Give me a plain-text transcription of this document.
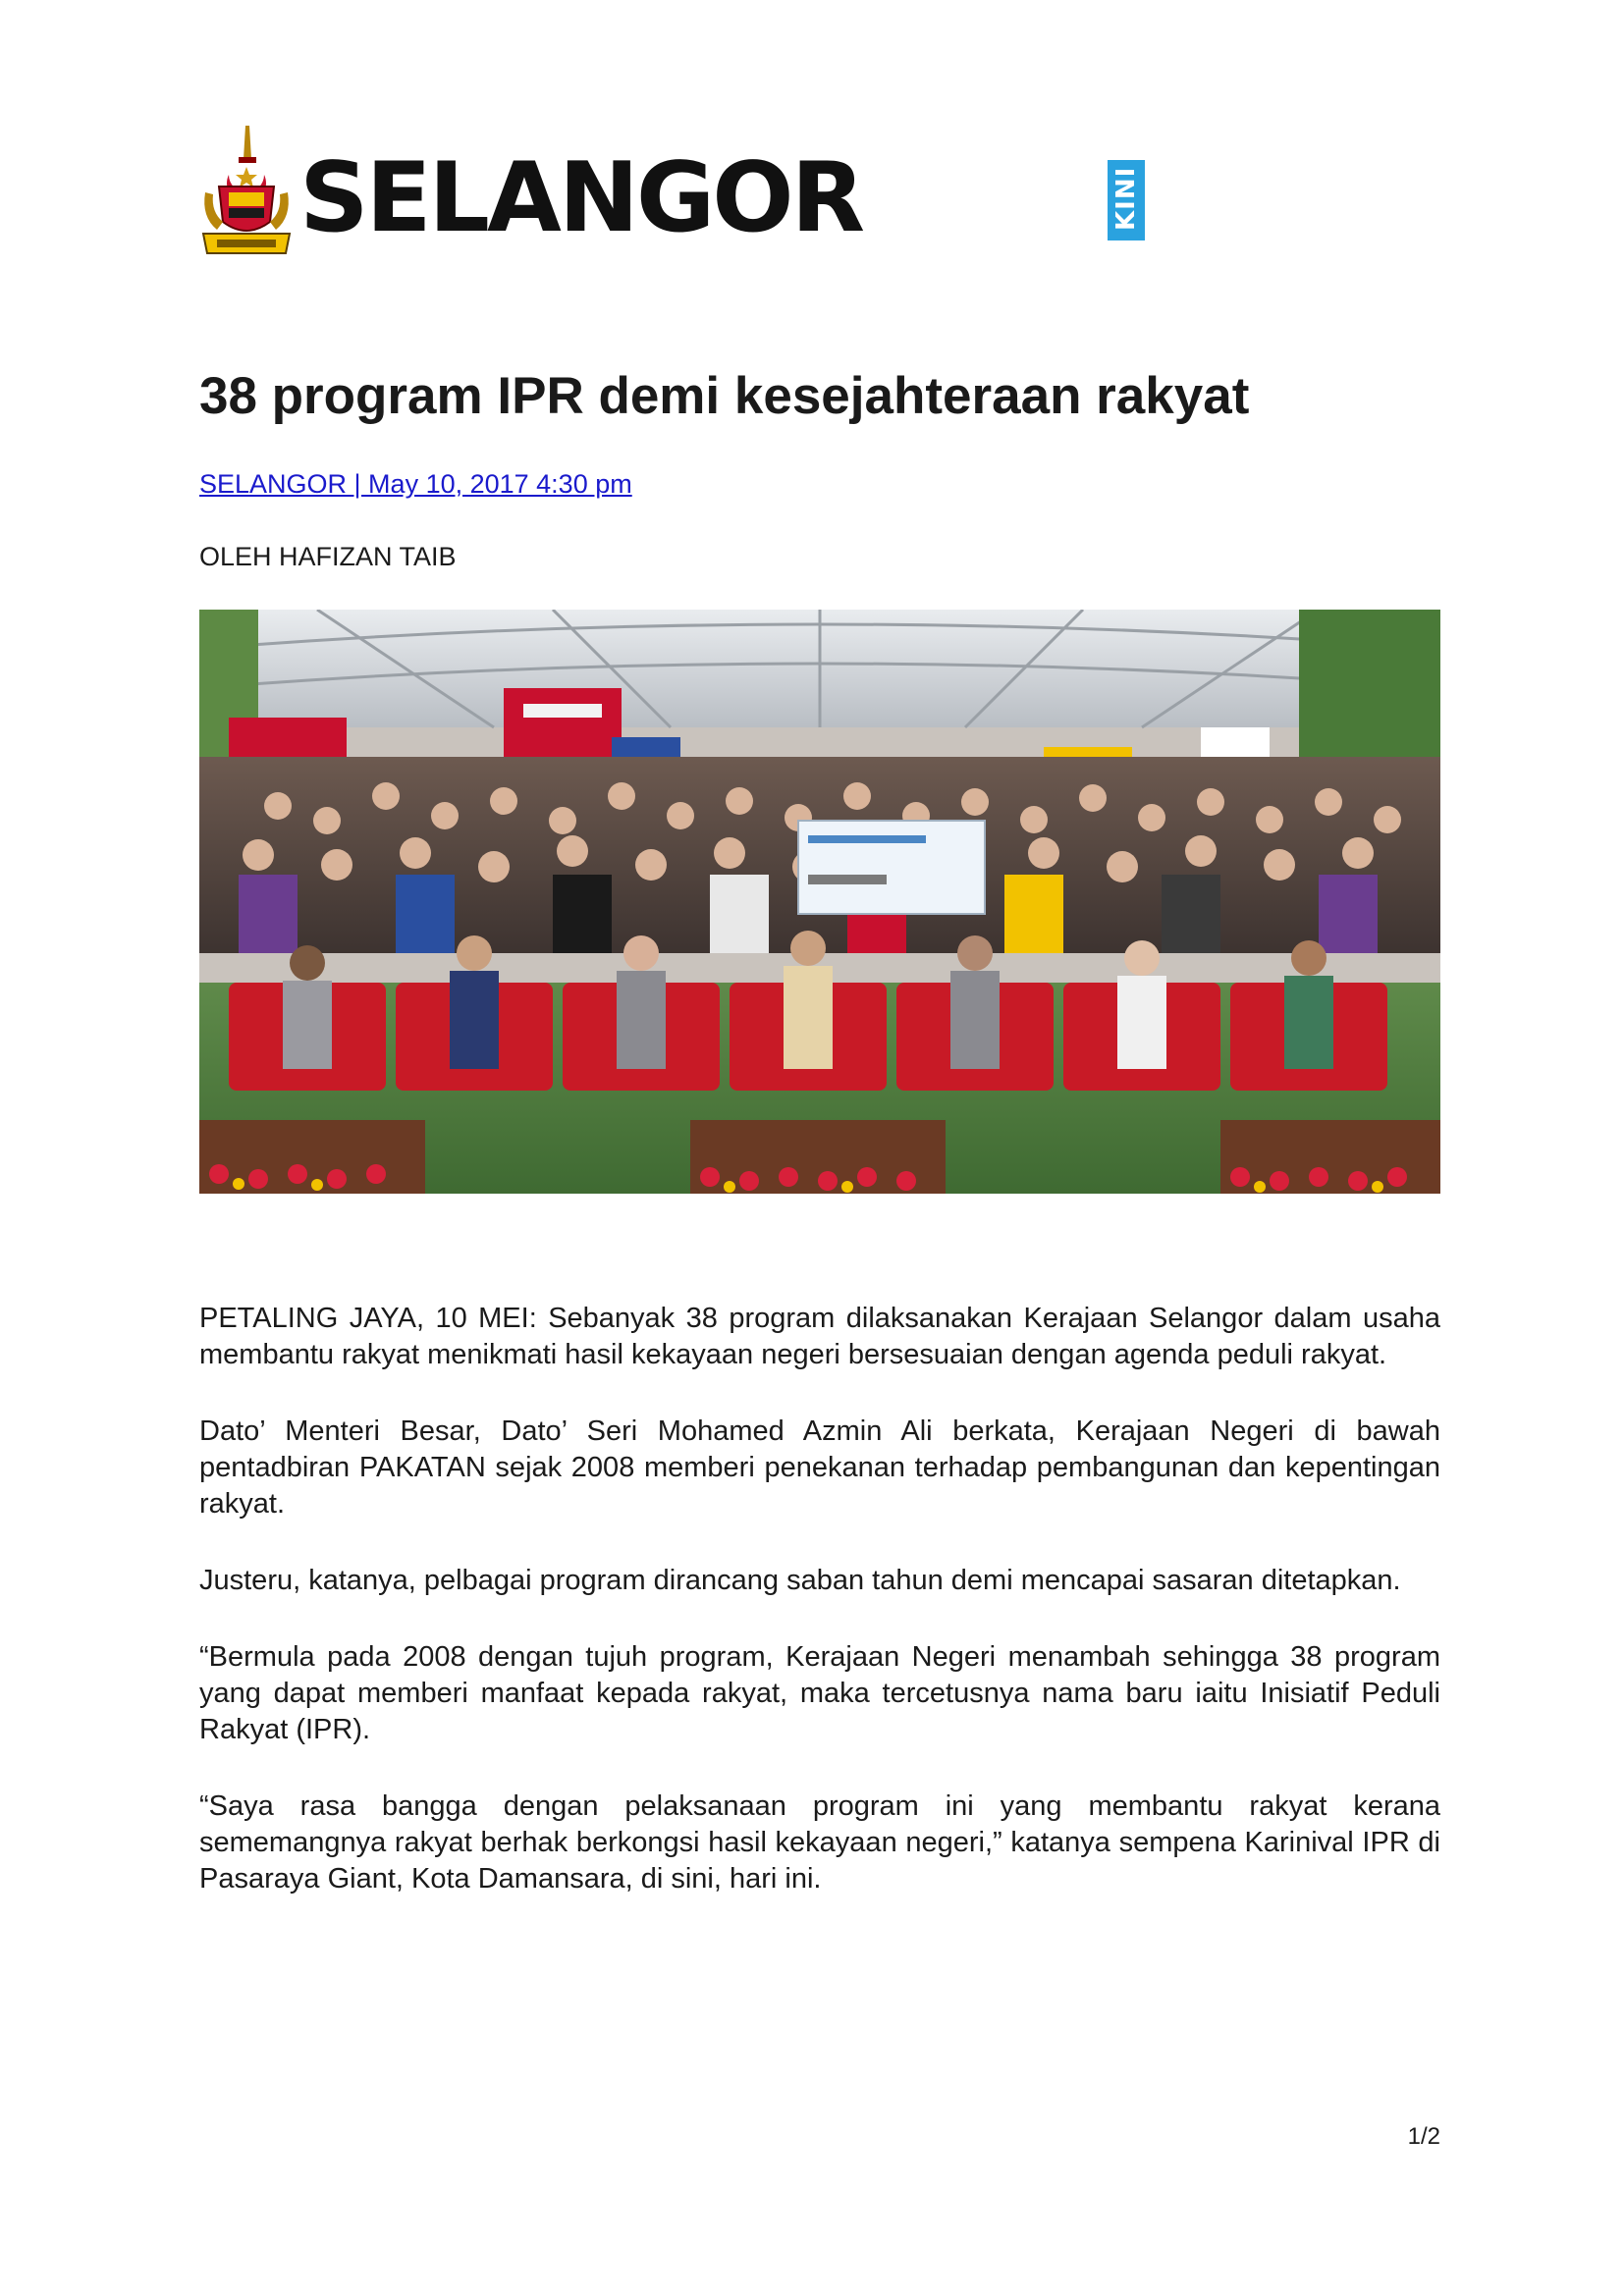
SELANGOR	KINI
38 program IPR demi kesejahteraan rakyat
SELANGOR | May 10, 2017 4:30 pm
OLEH HAFIZAN TAIB

PETALING JAYA, 10 MEI: Sebanyak 38 program dilaksanakan Kerajaan Selangor dalam usaha membantu rakyat menikmati hasil kekayaan negeri bersesuaian dengan agenda peduli rakyat.

Dato’ Menteri Besar, Dato’ Seri Mohamed Azmin Ali berkata, Kerajaan Negeri di bawah pentadbiran PAKATAN sejak 2008 memberi penekanan terhadap pembangunan dan kepentingan rakyat.

Justeru, katanya, pelbagai program dirancang saban tahun demi mencapai sasaran ditetapkan.

“Bermula pada 2008 dengan tujuh program, Kerajaan Negeri menambah sehingga 38 program yang dapat memberi manfaat kepada rakyat, maka tercetusnya nama baru iaitu Inisiatif Peduli Rakyat (IPR).

“Saya rasa bangga dengan pelaksanaan program ini yang membantu rakyat kerana sememangnya rakyat berhak berkongsi hasil kekayaan negeri,” katanya sempena Karinival IPR di Pasaraya Giant, Kota Damansara, di sini, hari ini.

1/2
